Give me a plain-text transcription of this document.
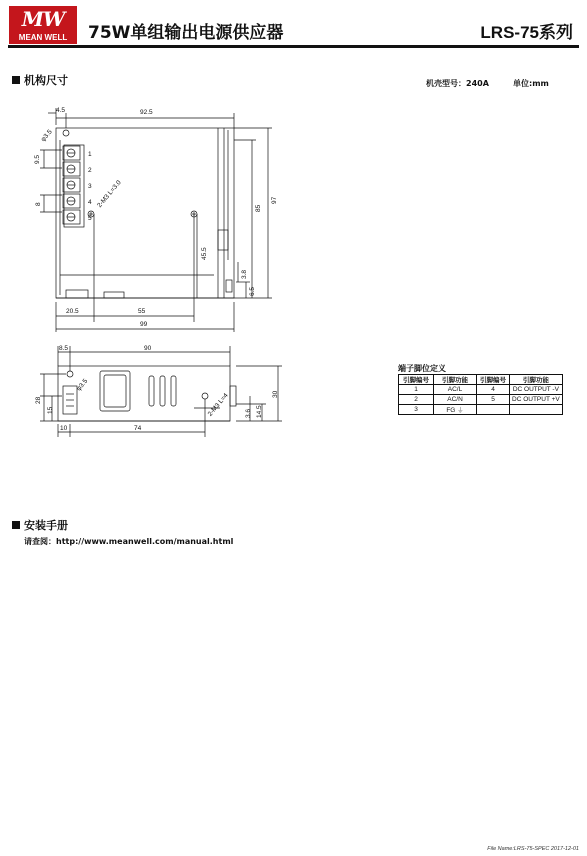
MW
MEAN WELL	75W单组输出电源供应器	LRS-75系列
机构尺寸	机壳型号：240A	单位:mm
4.5	92.5
φ3.5
9.5
8
1
2
3
4
5
2-M3 L=3.0
45.5
3.8
6.5
85
97
20.5	55
99
8.5	90
φ3.5
28
15	2-M3 L=4 3.6 14.5
30
10	74
端子脚位定义
引脚编号	引脚功能	引脚编号	引脚功能
1	AC/L	4	DC OUTPUT -V
2	AC/N	5	DC OUTPUT +V
3	FG ⏚		
安装手册
请查阅：http://www.meanwell.com/manual.html
File Name:LRS-75-SPEC 2017-12-01
